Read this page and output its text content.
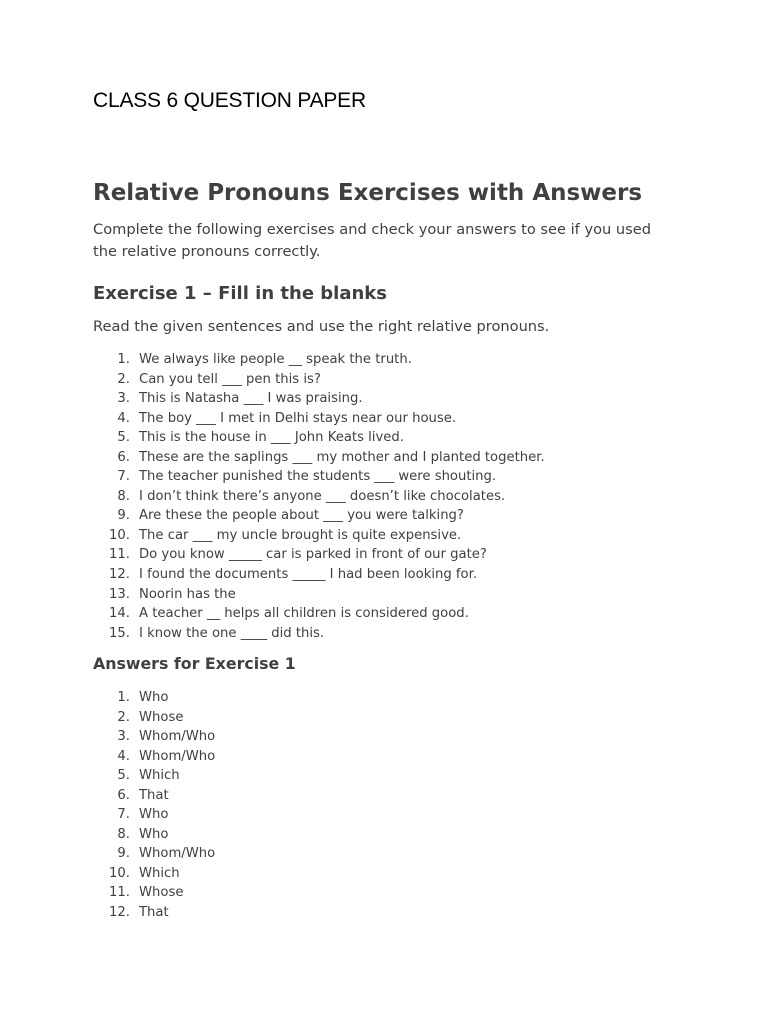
CLASS 6 QUESTION PAPER
Relative Pronouns Exercises with Answers

Complete the following exercises and check your answers to see if you used the relative pronouns correctly.

Exercise 1 – Fill in the blanks

Read the given sentences and use the right relative pronouns.

1. We always like people __ speak the truth.
2. Can you tell ___ pen this is?
3. This is Natasha ___ I was praising.
4. The boy ___ I met in Delhi stays near our house.
5. This is the house in ___ John Keats lived.
6. These are the saplings ___ my mother and I planted together.
7. The teacher punished the students ___ were shouting.
8. I don’t think there’s anyone ___ doesn’t like chocolates.
9. Are these the people about ___ you were talking?
10. The car ___ my uncle brought is quite expensive.
11. Do you know _____ car is parked in front of our gate?
12. I found the documents _____ I had been looking for.
13. Noorin has the
14. A teacher __ helps all children is considered good.
15. I know the one ____ did this.
Answers for Exercise 1
1. Who
2. Whose
3. Whom/Who
4. Whom/Who
5. Which
6. That
7. Who
8. Who
9. Whom/Who
10. Which
11. Whose
12. That
